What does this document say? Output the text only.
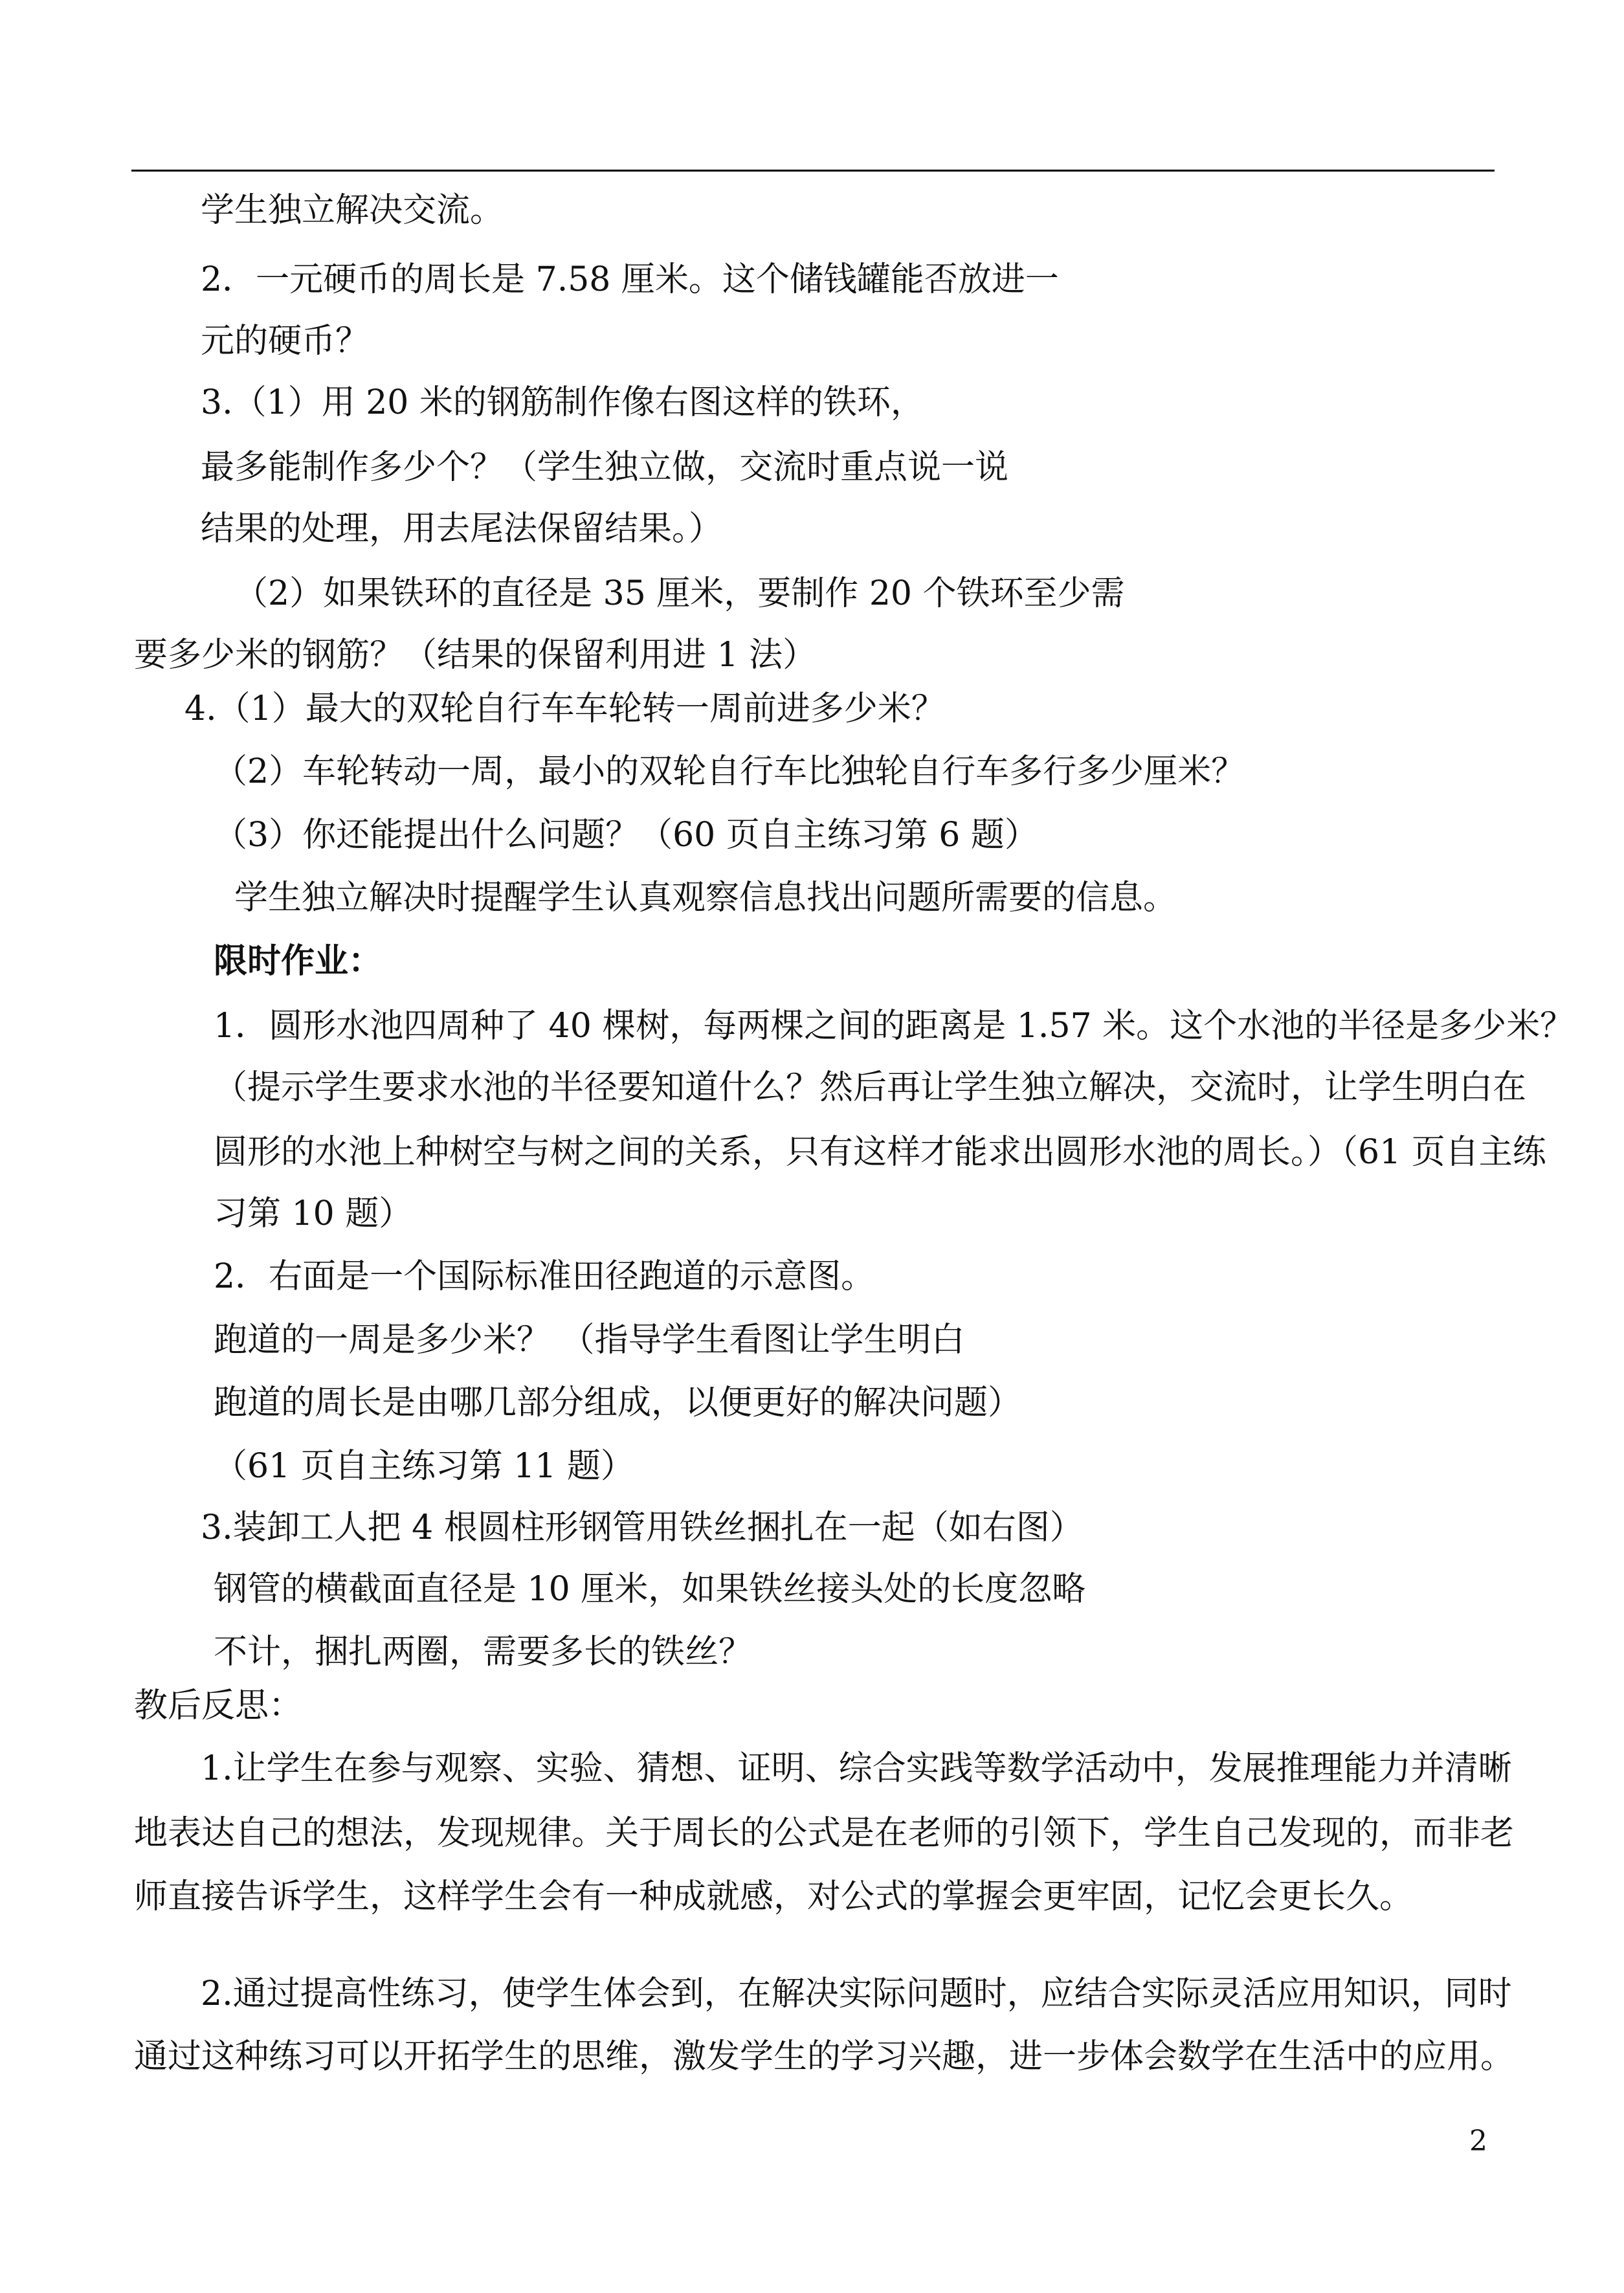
学生独立解决交流。
2．一元硬币的周长是 7.58 厘米。这个储钱罐能否放进一
元的硬币？
3.（1）用 20 米的钢筋制作像右图这样的铁环，
最多能制作多少个？（学生独立做，交流时重点说一说
结果的处理，用去尾法保留结果。）
（2）如果铁环的直径是 35 厘米，要制作 20 个铁环至少需
要多少米的钢筋？（结果的保留利用进 1 法）
4.（1）最大的双轮自行车车轮转一周前进多少米？
（2）车轮转动一周，最小的双轮自行车比独轮自行车多行多少厘米？
（3）你还能提出什么问题？（60 页自主练习第 6 题）
学生独立解决时提醒学生认真观察信息找出问题所需要的信息。
限时作业：
1．圆形水池四周种了 40 棵树，每两棵之间的距离是 1.57 米。这个水池的半径是多少米？
（提示学生要求水池的半径要知道什么？然后再让学生独立解决，交流时，让学生明白在
圆形的水池上种树空与树之间的关系，只有这样才能求出圆形水池的周长。）（61 页自主练
习第 10 题）
2．右面是一个国际标准田径跑道的示意图。
跑道的一周是多少米？ （指导学生看图让学生明白
跑道的周长是由哪几部分组成，以便更好的解决问题）
（61 页自主练习第 11 题）
3.装卸工人把 4 根圆柱形钢管用铁丝捆扎在一起（如右图）
钢管的横截面直径是 10 厘米，如果铁丝接头处的长度忽略
不计，捆扎两圈，需要多长的铁丝？
教后反思：
1.让学生在参与观察、实验、猜想、证明、综合实践等数学活动中，发展推理能力并清晰
地表达自己的想法，发现规律。关于周长的公式是在老师的引领下，学生自己发现的，而非老
师直接告诉学生，这样学生会有一种成就感，对公式的掌握会更牢固，记忆会更长久。
2.通过提高性练习，使学生体会到，在解决实际问题时，应结合实际灵活应用知识，同时
通过这种练习可以开拓学生的思维，激发学生的学习兴趣，进一步体会数学在生活中的应用。
2
